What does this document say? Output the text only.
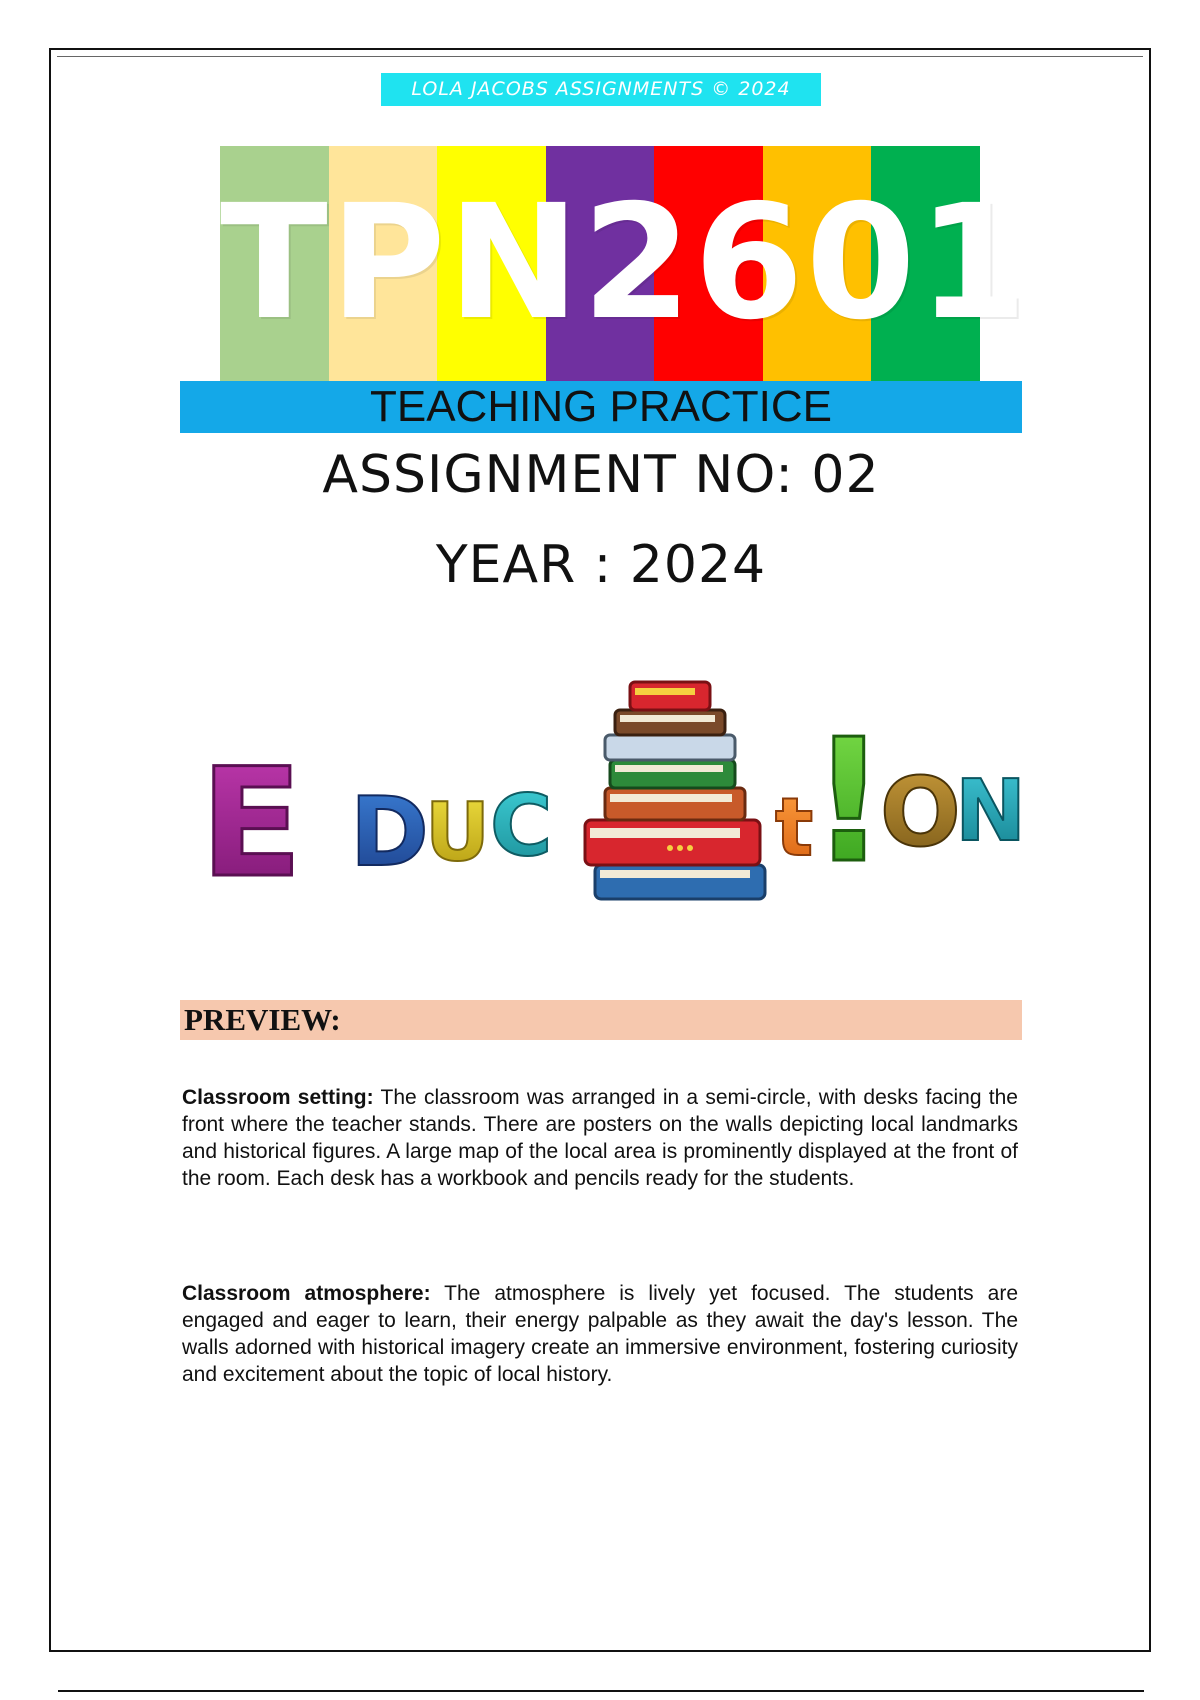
LOLA JACOBS ASSIGNMENTS © 2024
TPN2601
TEACHING PRACTICE
ASSIGNMENT NO: 02
YEAR : 2024
E D
U C	t
!
O
N
PREVIEW:
Classroom setting: The classroom was arranged in a semi-circle, with desks facing the front where the teacher stands. There are posters on the walls depicting local landmarks and historical figures. A large map of the local area is prominently displayed at the front of the room. Each desk has a workbook and pencils ready for the students.
Classroom atmosphere: The atmosphere is lively yet focused. The students are engaged and eager to learn, their energy palpable as they await the day's lesson. The walls adorned with historical imagery create an immersive environment, fostering curiosity and excitement about the topic of local history.
